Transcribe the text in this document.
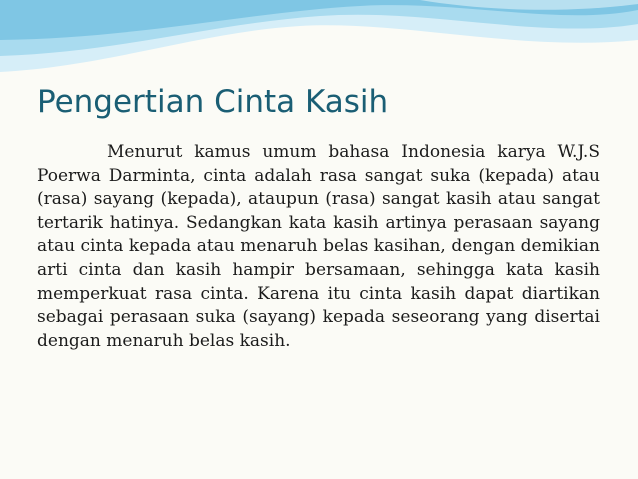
Pengertian Cinta Kasih

Menurut kamus umum bahasa Indonesia karya W.J.S Poerwa Darminta, cinta adalah rasa sangat suka (kepada) atau (rasa) sayang (kepada), ataupun (rasa) sangat kasih atau sangat tertarik hatinya. Sedangkan kata kasih artinya perasaan sayang atau cinta kepada atau menaruh belas kasihan, dengan demikian arti cinta dan kasih hampir bersamaan, sehingga kata kasih memperkuat rasa cinta. Karena itu cinta kasih dapat diartikan sebagai perasaan suka (sayang) kepada seseorang yang disertai dengan menaruh belas kasih.
